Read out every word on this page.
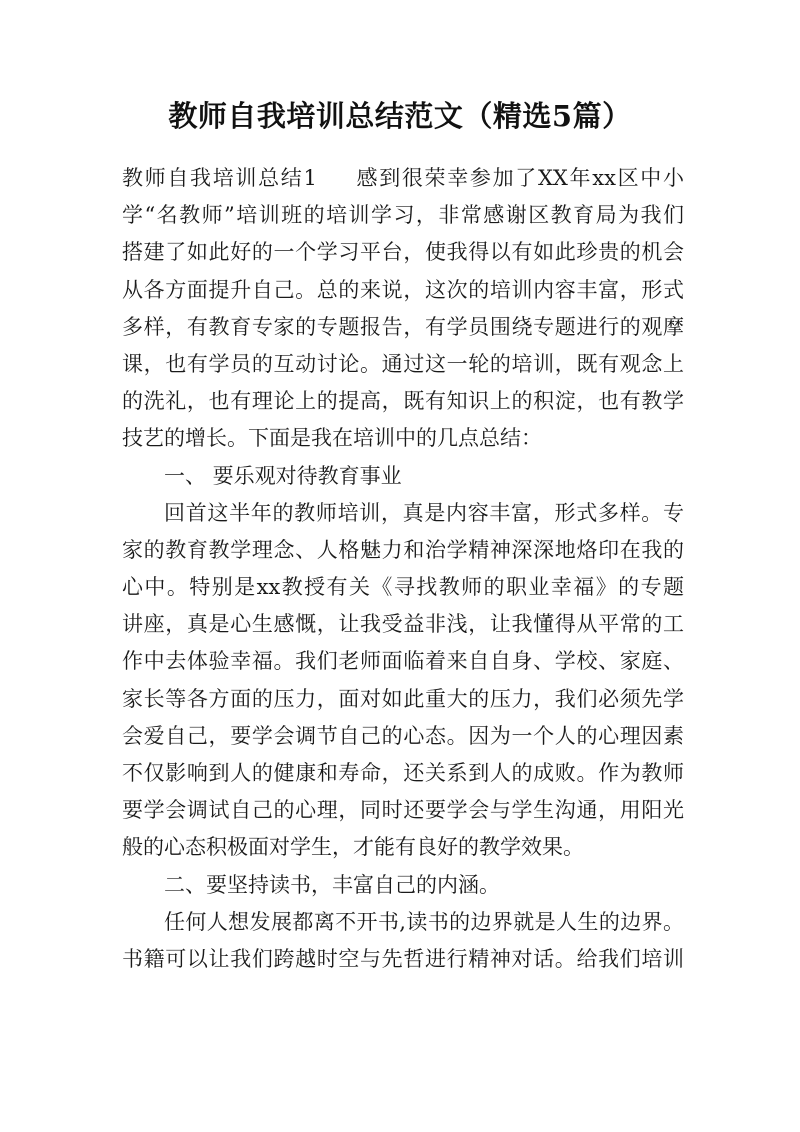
教师自我培训总结范文（精选5篇）
教师自我培训总结1 感到很荣幸参加了XX年xx区中小
学“名教师”培训班的培训学习，非常感谢区教育局为我们
搭建了如此好的一个学习平台，使我得以有如此珍贵的机会
从各方面提升自己。总的来说，这次的培训内容丰富，形式
多样，有教育专家的专题报告，有学员围绕专题进行的观摩
课，也有学员的互动讨论。通过这一轮的培训，既有观念上
的洗礼，也有理论上的提高，既有知识上的积淀，也有教学
技艺的增长。下面是我在培训中的几点总结：
一、 要乐观对待教育事业
回首这半年的教师培训，真是内容丰富，形式多样。专
家的教育教学理念、人格魅力和治学精神深深地烙印在我的
心中。特别是xx教授有关《寻找教师的职业幸福》的专题
讲座，真是心生感慨，让我受益非浅，让我懂得从平常的工
作中去体验幸福。我们老师面临着来自自身、学校、家庭、
家长等各方面的压力，面对如此重大的压力，我们必须先学
会爱自己，要学会调节自己的心态。因为一个人的心理因素
不仅影响到人的健康和寿命，还关系到人的成败。作为教师
要学会调试自己的心理，同时还要学会与学生沟通，用阳光
般的心态积极面对学生，才能有良好的教学效果。
二、要坚持读书，丰富自己的内涵。
任何人想发展都离不开书,读书的边界就是人生的边界。
书籍可以让我们跨越时空与先哲进行精神对话。给我们培训
